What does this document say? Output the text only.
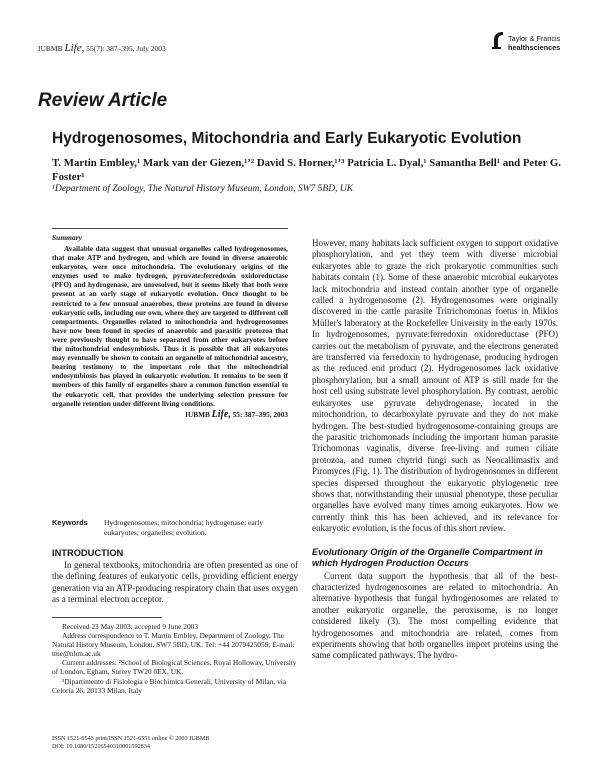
IUBMB Life, 55(7): 387–395, July 2003
Taylor & Francis
healthsciences
Review Article
Hydrogenosomes, Mitochondria and Early Eukaryotic Evolution
T. Martin Embley,¹ Mark van der Giezen,¹ʼ² David S. Horner,¹ʼ³ Patricia L. Dyal,¹ Samantha Bell¹ and Peter G. Foster¹
¹Department of Zoology, The Natural History Museum, London, SW7 5BD, UK
Summary
Available data suggest that unusual organelles called hydrogenosomes, that make ATP and hydrogen, and which are found in diverse anaerobic eukaryotes, were once mitochondria. The evolutionary origins of the enzymes used to make hydrogen, pyruvate:ferredoxin oxidoreductase (PFO) and hydrogenase, are unresolved, but it seems likely that both were present at an early stage of eukaryotic evolution. Once thought to be restricted to a few unusual anaerobes, these proteins are found in diverse eukaryotic cells, including our own, where they are targeted to different cell compartments. Organelles related to mitochondria and hydrogenosomes have now been found in species of anaerobic and parasitic protozoa that were previously thought to have separated from other eukaryotes before the mitochondrial endosymbiosis. Thus it is possible that all eukaryotes may eventually be shown to contain an organelle of mitochondrial ancestry, bearing testimony to the important role that the mitochondrial endosymbiosis has played in eukaryotic evolution. It remains to be seen if members of this family of organelles share a common function essential to the eukaryotic cell, that provides the underlying selection pressure for organelle retention under different living conditions.
IUBMB Life, 55: 387–395, 2003
Keywords Hydrogenosomes; mitochondria; hydrogenase; early eukaryotes; organelles; evolution.
INTRODUCTION
In general textbooks, mitochondria are often presented as one of the defining features of eukaryotic cells, providing efficient energy generation via an ATP-producing respiratory chain that uses oxygen as a terminal electron acceptor.

Received 23 May 2003; accepted 9 June 2003

Address correspondence to T. Martin Embley, Department of Zoology, The Natural History Museum, London, SW7 5BD, UK. Tel: +44 2079425059; E-mail: tme@nhm.ac.uk

Current addresses: ²School of Biological Sciences, Royal Holloway, University of London, Egham, Surrey TW20 0EX, UK.

³Dipartimento di Fisiologia e Biochimica Generali, University of Milan, via Celoria 26, 20133 Milan, Italy

ISSN 1521-6543 print/ISSN 1521-6551 online © 2003 IUBMB
DOI: 10.1080/15216540310001592834

However, many habitats lack sufficient oxygen to support oxidative phosphorylation, and yet they teem with diverse microbial eukaryotes able to graze the rich prokaryotic communities such habitats contain (1). Some of these anaerobic microbial eukaryotes lack mitochondria and instead contain another type of organelle called a hydrogenosome (2). Hydrogenosomes were originally discovered in the cattle parasite Tritrichomonas foetus in Miklos Müller's laboratory at the Rockefeller University in the early 1970s. In hydrogenosomes, pyruvate:ferredoxin oxidoreductase (PFO) carries out the metabolism of pyruvate, and the electrons generated are transferred via ferredoxin to hydrogenase, producing hydrogen as the reduced end product (2). Hydrogenosomes lack oxidative phosphorylation, but a small amount of ATP is still made for the host cell using substrate level phosphorylation. By contrast, aerobic eukaryotes use pyruvate dehydrogenase, located in the mitochondrion, to decarboxylate pyruvate and they do not make hydrogen. The best-studied hydrogenosome-containing groups are the parasitic trichomonads including the important human parasite Trichomonas vaginalis, diverse free-living and rumen ciliate protozoa, and rumen chytrid fungi such as Neocallimastix and Piromyces (Fig. 1). The distribution of hydrogenosomes in different species dispersed throughout the eukaryotic phylogenetic tree shows that, notwithstanding their unusual phenotype, these peculiar organelles have evolved many times among eukaryotes. How we currently think this has been achieved, and its relevance for eukaryotic evolution, is the focus of this short review.

Evolutionary Origin of the Organelle Compartment in which Hydrogen Production Occurs

Current data support the hypothesis that all of the best-characterized hydrogenosomes are related to mitochondria. An alternative hypothesis that fungal hydrogenosomes are related to another eukaryotic organelle, the peroxisome, is no longer considered likely (3). The most compelling evidence that hydrogenosomes and mitochondria are related, comes from experiments showing that both organelles import proteins using the same complicated pathways. The hydro-
